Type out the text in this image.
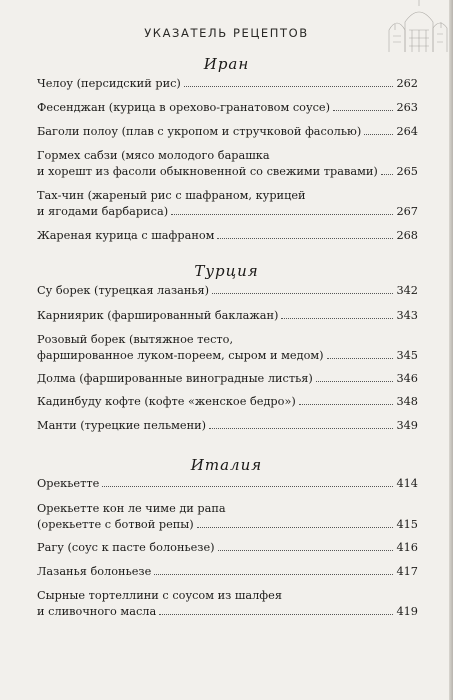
УКАЗАТЕЛЬ РЕЦЕПТОВ
Иран
Челоу (персидский рис)	262
Фесенджан (курица в орехово-гранатовом соусе)	263
Баголи полоу (плав с укропом и стручковой фасолью)	264
Гормех сабзи (мясо молодого барашка
и хорешт из фасоли обыкновенной со свежими травами) 265
Тах-чин (жареный рис с шафраном, курицей
и ягодами барбариса)	267
Жареная курица с шафраном	268
Турция
Су борек (турецкая лазанья)	342
Карниярик (фаршированный баклажан)	343
Розовый борек (вытяжное тесто,
фаршированное луком-пореем, сыром и медом)	345
Долма (фаршированные виноградные листья)	346
Кадинбуду кофте (кофте «женское бедро»)	348
Манти (турецкие пельмени)	349
Италия
Орекьетте	414
Орекьетте кон ле чиме ди рапа
(орекьетте с ботвой репы)	415
Рагу (соус к пасте болоньезе)	416
Лазанья болоньезе	417
Сырные тортеллини с соусом из шалфея
и сливочного масла	419
